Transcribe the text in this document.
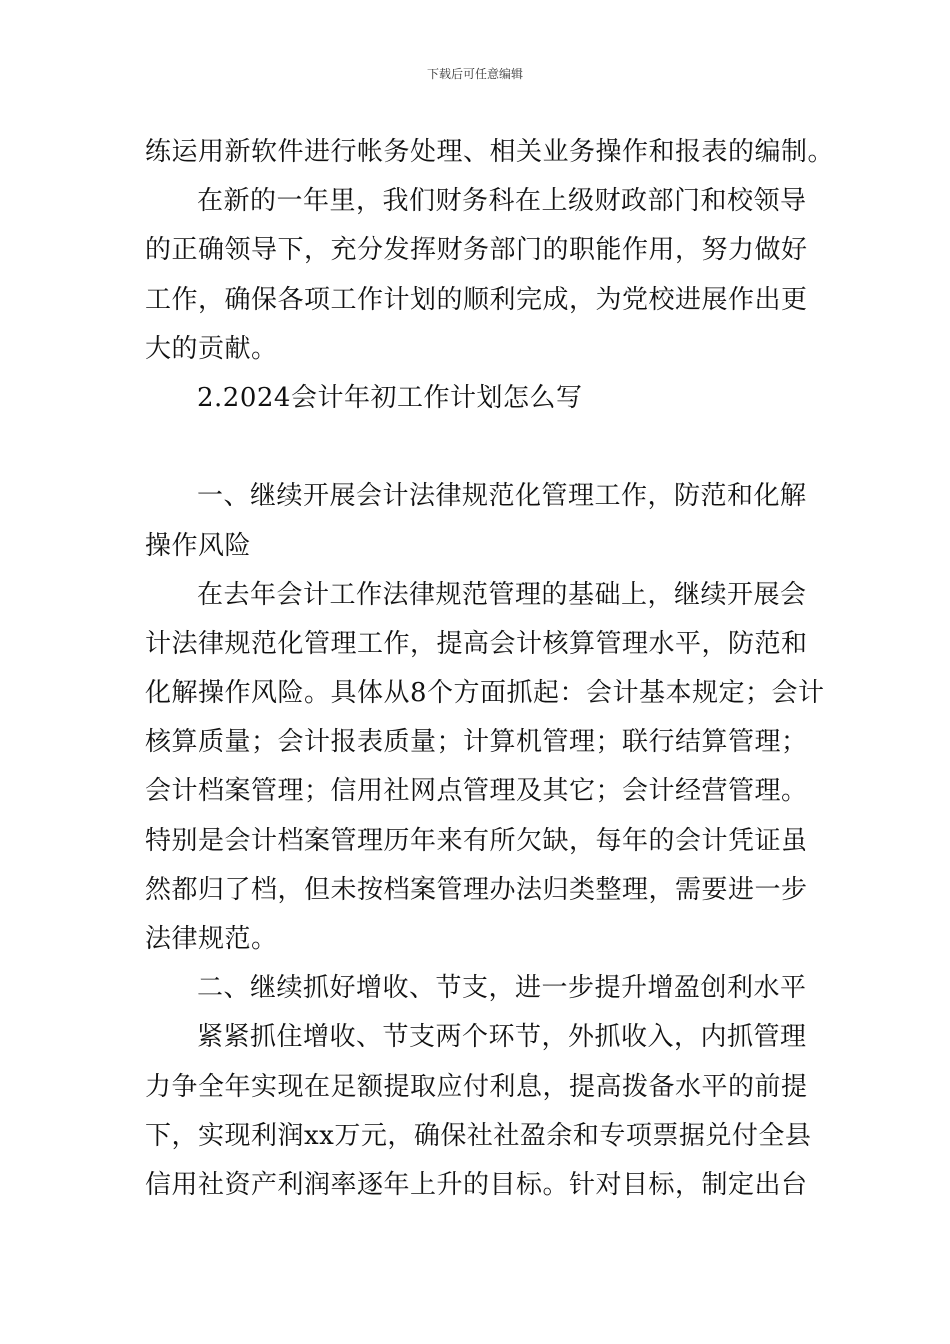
下载后可任意编辑
练运用新软件进行帐务处理、相关业务操作和报表的编制。
在新的一年里，我们财务科在上级财政部门和校领导
的正确领导下，充分发挥财务部门的职能作用，努力做好
工作，确保各项工作计划的顺利完成，为党校进展作出更
大的贡献。
2.2024会计年初工作计划怎么写
一、继续开展会计法律规范化管理工作，防范和化解
操作风险
在去年会计工作法律规范管理的基础上，继续开展会
计法律规范化管理工作，提高会计核算管理水平，防范和
化解操作风险。具体从8个方面抓起：会计基本规定；会计
核算质量；会计报表质量；计算机管理；联行结算管理；
会计档案管理；信用社网点管理及其它；会计经营管理。
特别是会计档案管理历年来有所欠缺，每年的会计凭证虽
然都归了档，但未按档案管理办法归类整理，需要进一步
法律规范。
二、继续抓好增收、节支，进一步提升增盈创利水平
紧紧抓住增收、节支两个环节，外抓收入，内抓管理
力争全年实现在足额提取应付利息，提高拨备水平的前提
下，实现利润xx万元，确保社社盈余和专项票据兑付全县
信用社资产利润率逐年上升的目标。针对目标，制定出台
